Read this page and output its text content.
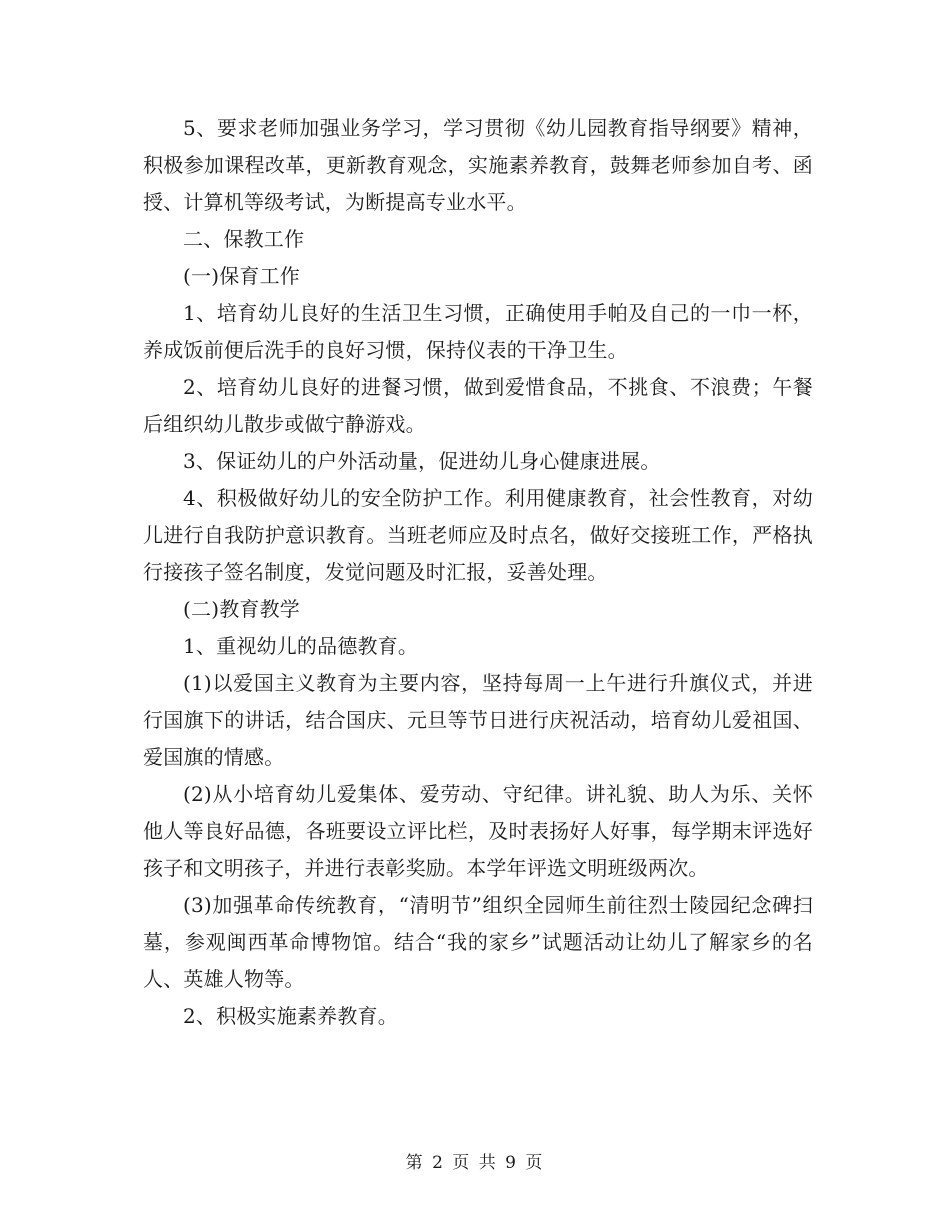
5、要求老师加强业务学习，学习贯彻《幼儿园教育指导纲要》精神，积极参加课程改革，更新教育观念，实施素养教育，鼓舞老师参加自考、函授、计算机等级考试，为断提高专业水平。

二、保教工作

(一)保育工作

1、培育幼儿良好的生活卫生习惯，正确使用手帕及自己的一巾一杯，养成饭前便后洗手的良好习惯，保持仪表的干净卫生。

2、培育幼儿良好的进餐习惯，做到爱惜食品，不挑食、不浪费；午餐后组织幼儿散步或做宁静游戏。

3、保证幼儿的户外活动量，促进幼儿身心健康进展。

4、积极做好幼儿的安全防护工作。利用健康教育，社会性教育，对幼儿进行自我防护意识教育。当班老师应及时点名，做好交接班工作，严格执行接孩子签名制度，发觉问题及时汇报，妥善处理。

(二)教育教学

1、重视幼儿的品德教育。

(1)以爱国主义教育为主要内容，坚持每周一上午进行升旗仪式，并进行国旗下的讲话，结合国庆、元旦等节日进行庆祝活动，培育幼儿爱祖国、爱国旗的情感。

(2)从小培育幼儿爱集体、爱劳动、守纪律。讲礼貌、助人为乐、关怀他人等良好品德，各班要设立评比栏，及时表扬好人好事，每学期末评选好孩子和文明孩子，并进行表彰奖励。本学年评选文明班级两次。

(3)加强革命传统教育，“清明节”组织全园师生前往烈士陵园纪念碑扫墓，参观闽西革命博物馆。结合“我的家乡”试题活动让幼儿了解家乡的名人、英雄人物等。

2、积极实施素养教育。

第 2 页 共 9 页
